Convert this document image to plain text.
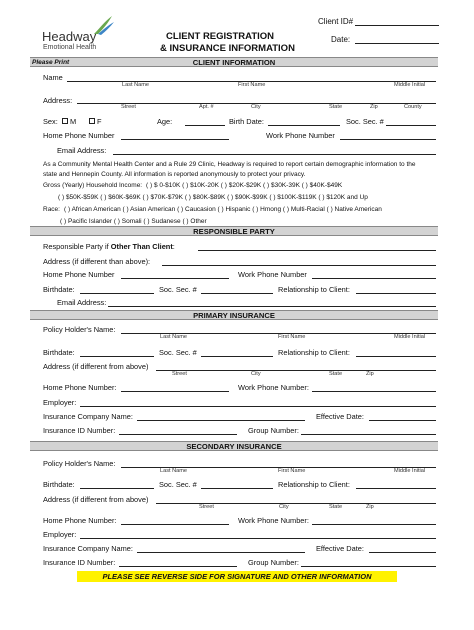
Headway
Emotional Health
CLIENT REGISTRATION
& INSURANCE INFORMATION
Client ID#
Date:
CLIENT INFORMATION
Please Print
Name
Last Name	First Name	Middle Initial
Address:
Street	Apt. #	City	State	Zip	County
Sex: M	F	Age:	Birth Date:	Soc. Sec. #
Home Phone Number	Work Phone Number
Email Address:
As a Community Mental Health Center and a Rule 29 Clinic, Headway is required to report certain demographic information to the
state and Hennepin County. All information is reported anonymously to protect your privacy.
Gross (Yearly) Household Income: ( ) $ 0-$10K ( ) $10K-20K ( ) $20K-$29K ( ) $30K-39K ( ) $40K-$49K
( ) $50K-$59K ( ) $60K-$69K ( ) $70K-$79K ( ) $80K-$89K ( ) $90K-$99K ( ) $100K-$119K ( ) $120K and Up
Race: ( ) African American ( ) Asian American ( ) Caucasion ( ) Hispanic ( ) Hmong ( ) Multi-Racial ( ) Native American
( ) Pacific Islander ( ) Somali ( ) Sudanese ( ) Other
RESPONSIBLE PARTY
Responsible Party if Other Than Client:
Address (if different than above):
Home Phone Number	Work Phone Number
Birthdate:	Soc. Sec. #	Relationship to Client:
Email Address:
PRIMARY INSURANCE
Policy Holder's Name:
Last Name	First Name	Middle Initial
Birthdate:	Soc. Sec. #	Relationship to Client:
Address (if different from above)
Street	City	State	Zip
Home Phone Number:	Work Phone Number:
Employer:
Insurance Company Name:	Effective Date:
Insurance ID Number:	Group Number:
SECONDARY INSURANCE
Policy Holder's Name:
Last Name	First Name	Middle Initial
Birthdate:	Soc. Sec. #	Relationship to Client:
Address (if different from above)
Street	City	State	Zip
Home Phone Number:	Work Phone Number:
Employer:
Insurance Company Name:	Effective Date:
Insurance ID Number:	Group Number:
PLEASE SEE REVERSE SIDE FOR SIGNATURE AND OTHER INFORMATION
